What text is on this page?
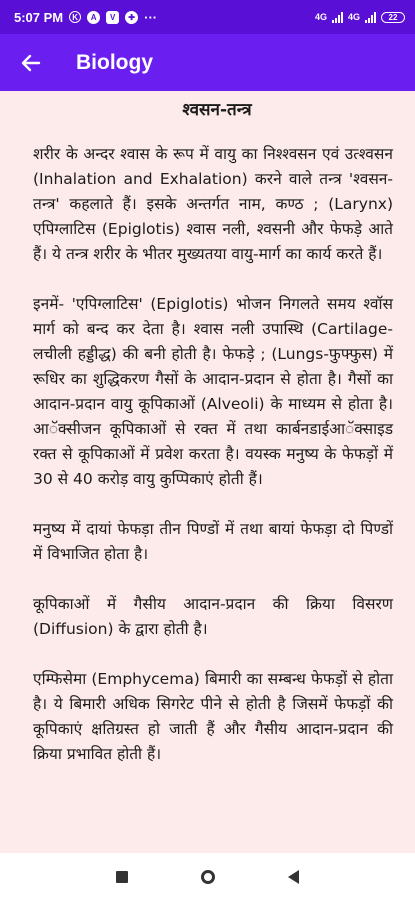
5:07 PM	K	A	V	✚ ···	4G 4G	22
Biology
श्वसन-तन्त्र

शरीर के अन्दर श्वास के रूप में वायु का निश्श्वसन एवं उत्श्वसन (Inhalation and Exhalation) करने वाले तन्त्र 'श्वसन-तन्त्र' कहलाते हैं। इसके अन्तर्गत नाम, कण्ठ ; (Larynx) एपिग्लाटिस (Epiglotis) श्वास नली, श्वसनी और फेफड़े आते हैं। ये तन्त्र शरीर के भीतर मुख्यतया वायु-मार्ग का कार्य करते हैं।

इनमें- 'एपिग्लाटिस' (Epiglotis) भोजन निगलते समय श्वॉस मार्ग को बन्द कर देता है। श्वास नली उपास्थि (Cartilage-लचीली हड्डीद्ध) की बनी होती है। फेफड़े ; (Lungs-फुफ्फुस) में रूधिर का शुद्धिकरण गैसों के आदान-प्रदान से होता है। गैसों का आदान-प्रदान वायु कूपिकाओं (Alveoli) के माध्यम से होता है। आॅक्सीजन कूपिकाओं से रक्त में तथा कार्बनडाईआॅक्साइड रक्त से कूपिकाओं में प्रवेश करता है। वयस्क मनुष्य के फेफड़ों में 30 से 40 करोड़ वायु कुप्पिकाएं होती हैं।

मनुष्य में दायां फेफड़ा तीन पिण्डों में तथा बायां फेफड़ा दो पिण्डों में विभाजित होता है।

कूपिकाओं में गैसीय आदान-प्रदान की क्रिया विसरण (Diffusion) के द्वारा होती है।

एम्फिसेमा (Emphycema) बिमारी का सम्बन्ध फेफड़ों से होता है। ये बिमारी अधिक सिगरेट पीने से होती है जिसमें फेफड़ों की कूपिकाएं क्षतिग्रस्त हो जाती हैं और गैसीय आदान-प्रदान की क्रिया प्रभावित होती हैं।
